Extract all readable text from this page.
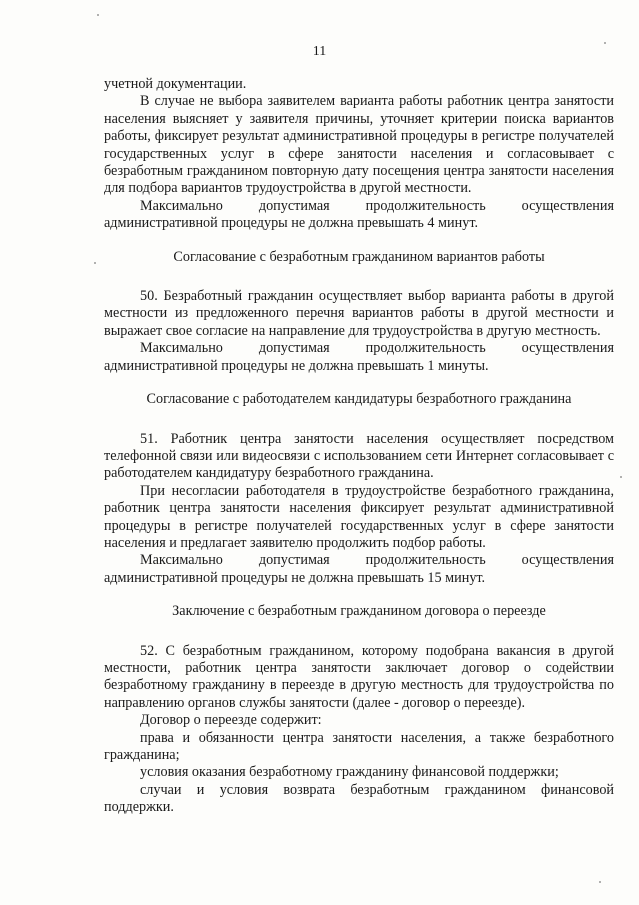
11

учетной документации.

В случае не выбора заявителем варианта работы работник центра занятости населения выясняет у заявителя причины, уточняет критерии поиска вариантов работы, фиксирует результат административной процедуры в регистре получателей государственных услуг в сфере занятости населения и согласовывает с безработным гражданином повторную дату посещения центра занятости населения для подбора вариантов трудоустройства в другой местности.

Максимально допустимая продолжительность осуществления административной процедуры не должна превышать 4 минут.

Согласование с безработным гражданином вариантов работы

50. Безработный гражданин осуществляет выбор варианта работы в другой местности из предложенного перечня вариантов работы в другой местности и выражает свое согласие на направление для трудоустройства в другую местность.

Максимально допустимая продолжительность осуществления административной процедуры не должна превышать 1 минуты.

Согласование с работодателем кандидатуры безработного гражданина

51. Работник центра занятости населения осуществляет посредством телефонной связи или видеосвязи с использованием сети Интернет согласовывает с работодателем кандидатуру безработного гражданина.

При несогласии работодателя в трудоустройстве безработного гражданина, работник центра занятости населения фиксирует результат административной процедуры в регистре получателей государственных услуг в сфере занятости населения и предлагает заявителю продолжить подбор работы.

Максимально допустимая продолжительность осуществления административной процедуры не должна превышать 15 минут.

Заключение с безработным гражданином договора о переезде

52. С безработным гражданином, которому подобрана вакансия в другой местности, работник центра занятости заключает договор о содействии безработному гражданину в переезде в другую местность для трудоустройства по направлению органов службы занятости (далее - договор о переезде).

Договор о переезде содержит:

права и обязанности центра занятости населения, а также безработного гражданина;

условия оказания безработному гражданину финансовой поддержки;

случаи и условия возврата безработным гражданином финансовой поддержки.
